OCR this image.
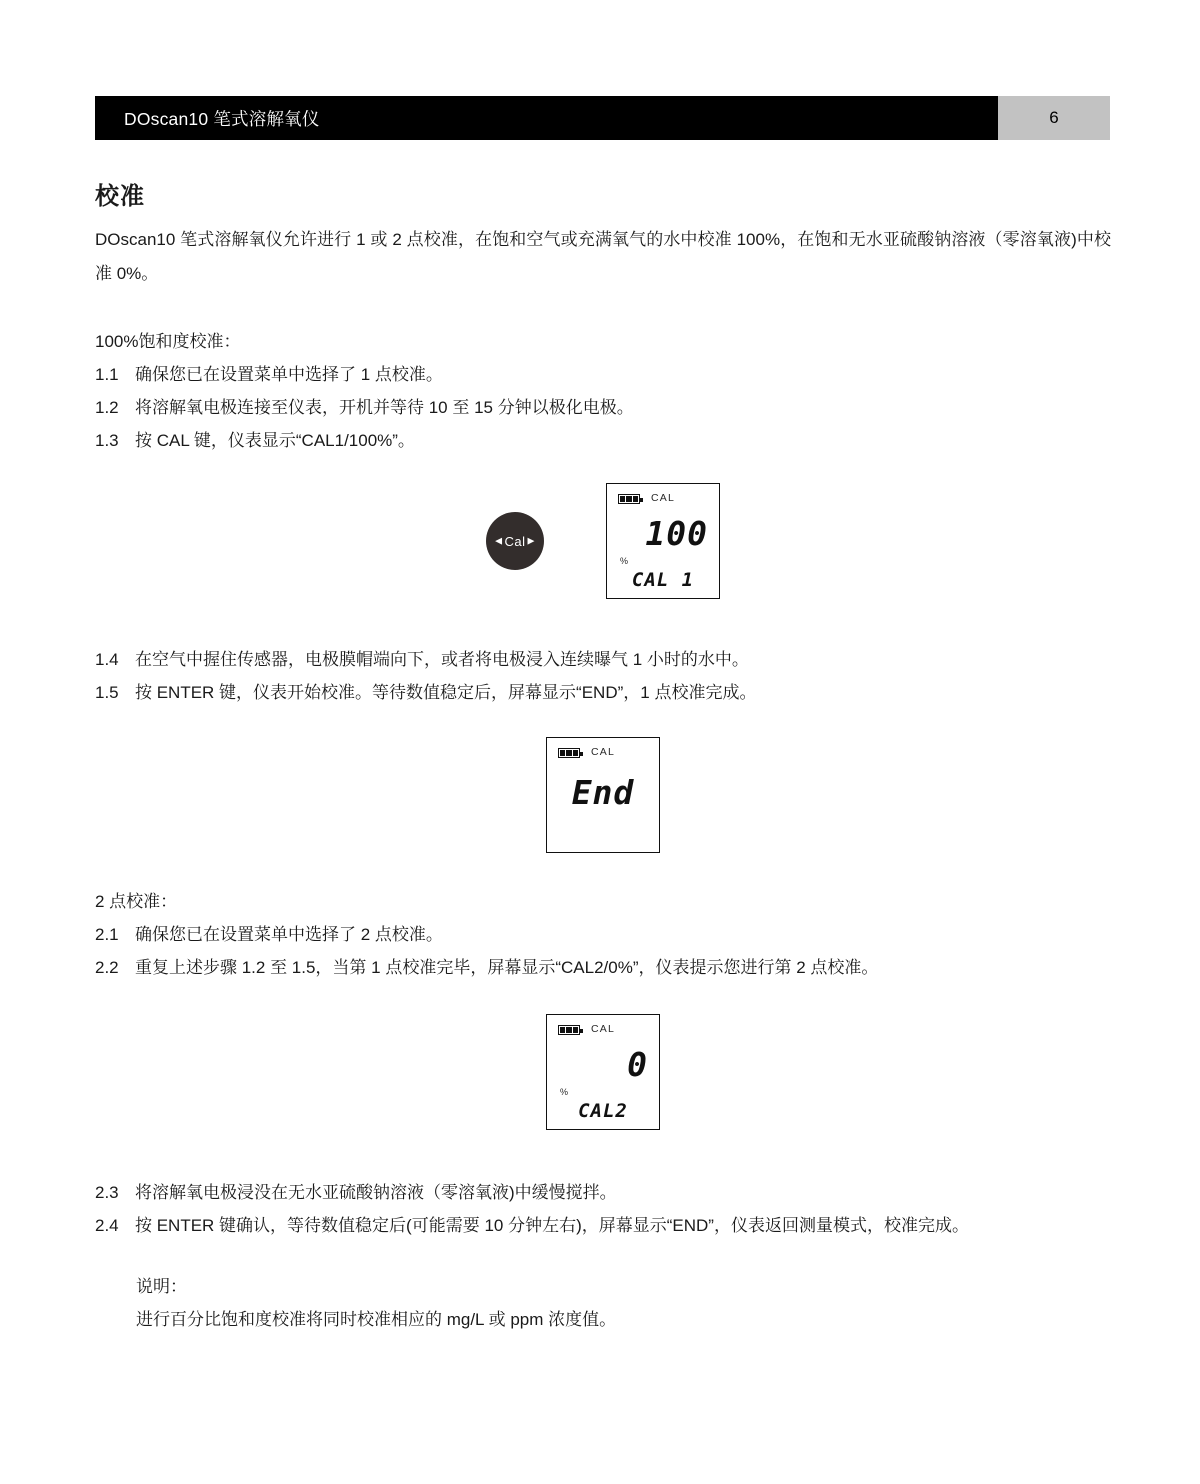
DOscan10 笔式溶解氧仪	6
校准

DOscan10 笔式溶解氧仪允许进行 1 或 2 点校准，在饱和空气或充满氧气的水中校准 100%，在饱和无水亚硫酸钠溶液（零溶氧液)中校准 0%。

100%饱和度校准：

1.1 确保您已在设置菜单中选择了 1 点校准。
1.2 将溶解氧电极连接至仪表，开机并等待 10 至 15 分钟以极化电极。
1.3 按 CAL 键，仪表显示“CAL1/100%”。
◀ Cal ▶
CAL
100
%
CAL 1
1.4 在空气中握住传感器，电极膜帽端向下，或者将电极浸入连续曝气 1 小时的水中。
1.5 按 ENTER 键，仪表开始校准。等待数值稳定后，屏幕显示“END”，1 点校准完成。
CAL
End

2 点校准：

2.1 确保您已在设置菜单中选择了 2 点校准。
2.2 重复上述步骤 1.2 至 1.5，当第 1 点校准完毕，屏幕显示“CAL2/0%”，仪表提示您进行第 2 点校准。
CAL
0
%
CAL2
2.3 将溶解氧电极浸没在无水亚硫酸钠溶液（零溶氧液)中缓慢搅拌。
2.4 按 ENTER 键确认，等待数值稳定后(可能需要 10 分钟左右)，屏幕显示“END”，仪表返回测量模式，校准完成。

说明：

进行百分比饱和度校准将同时校准相应的 mg/L 或 ppm 浓度值。
